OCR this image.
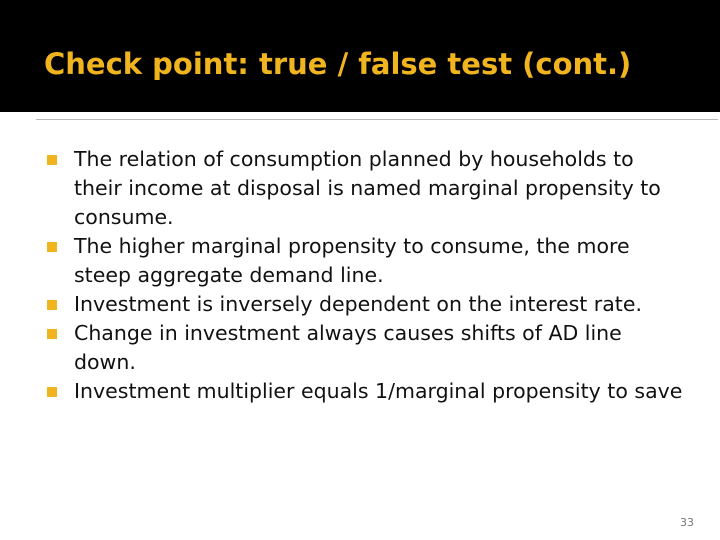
Check point: true / false test (cont.)
The relation of consumption planned by households to their income at disposal is named marginal propensity to consume.
The higher marginal propensity to consume, the more steep aggregate demand line.
Investment is inversely dependent on the interest rate.
Change in investment always causes shifts of AD line down.
Investment multiplier equals 1/marginal propensity to save
33
